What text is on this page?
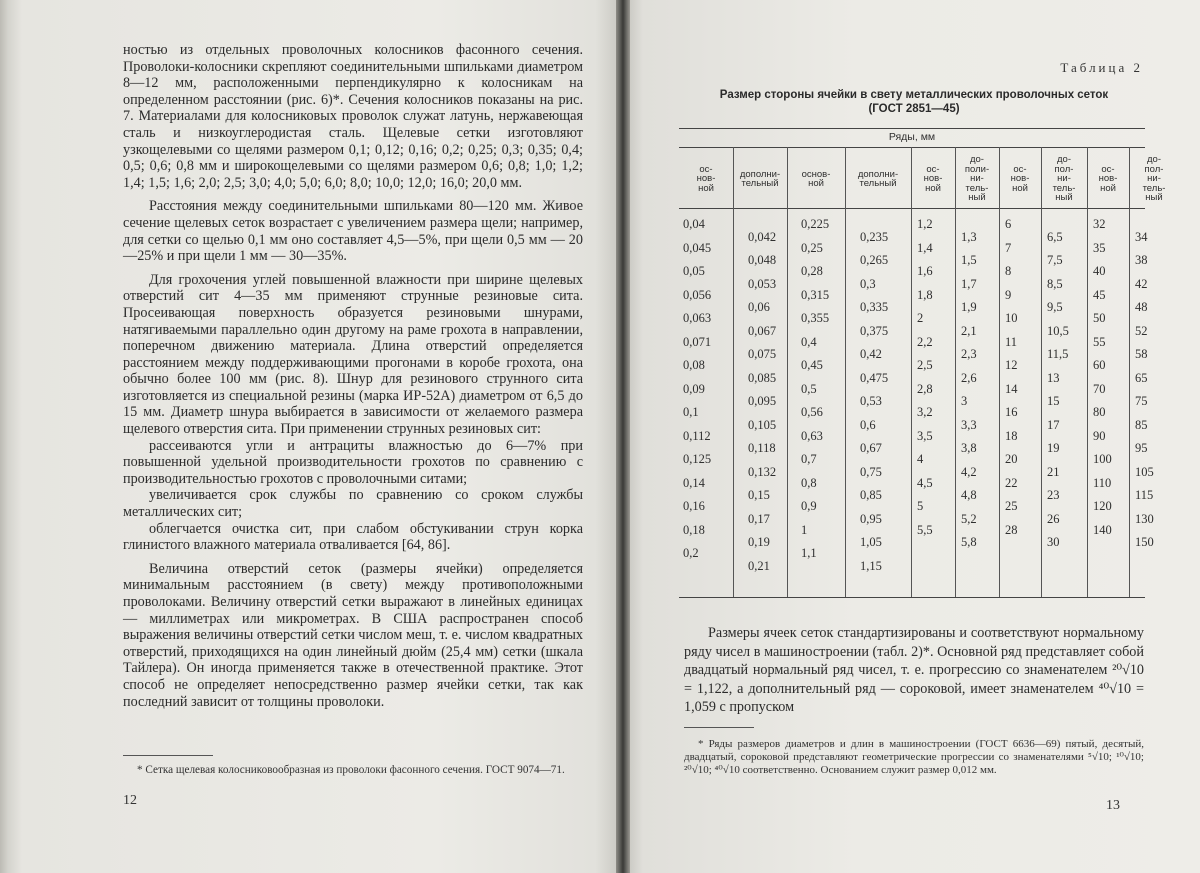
ностью из отдельных проволочных колосников фасонного сечения. Проволоки-колосники скрепляют соединительными шпильками диаметром 8—12 мм, расположенными перпендикулярно к колосникам на определенном расстоянии (рис. 6)*. Сечения колосников показаны на рис. 7. Материалами для колосниковых проволок служат латунь, нержавеющая сталь и низкоуглеродистая сталь. Щелевые сетки изготовляют узкощелевыми со щелями размером 0,1; 0,12; 0,16; 0,2; 0,25; 0,3; 0,35; 0,4; 0,5; 0,6; 0,8 мм и широкощелевыми со щелями размером 0,6; 0,8; 1,0; 1,2; 1,4; 1,5; 1,6; 2,0; 2,5; 3,0; 4,0; 5,0; 6,0; 8,0; 10,0; 12,0; 16,0; 20,0 мм.

Расстояния между соединительными шпильками 80—120 мм. Живое сечение щелевых сеток возрастает с увеличением размера щели; например, для сетки со щелью 0,1 мм оно составляет 4,5—5%, при щели 0,5 мм — 20—25% и при щели 1 мм — 30—35%.

Для грохочения углей повышенной влажности при ширине щелевых отверстий сит 4—35 мм применяют струнные резиновые сита. Просеивающая поверхность образуется резиновыми шнурами, натягиваемыми параллельно один другому на раме грохота в направлении, поперечном движению материала. Длина отверстий определяется расстоянием между поддерживающими прогонами в коробе грохота, она обычно более 100 мм (рис. 8). Шнур для резинового струнного сита изготовляется из специальной резины (марка ИР-52А) диаметром от 6,5 до 15 мм. Диаметр шнура выбирается в зависимости от желаемого размера щелевого отверстия сита. При применении струнных резиновых сит:

рассеиваются угли и антрациты влажностью до 6—7% при повышенной удельной производительности грохотов по сравнению с производительностью грохотов с проволочными ситами;

увеличивается срок службы по сравнению со сроком службы металлических сит;

облегчается очистка сит, при слабом обстукивании струн корка глинистого влажного материала отваливается [64, 86].

Величина отверстий сеток (размеры ячейки) определяется минимальным расстоянием (в свету) между противоположными проволоками. Величину отверстий сетки выражают в линейных единицах — миллиметрах или микрометрах. В США распространен способ выражения величины отверстий сетки числом меш, т. е. числом квадратных отверстий, приходящихся на один линейный дюйм (25,4 мм) сетки (шкала Тайлера). Он иногда применяется также в отечественной практике. Этот способ не определяет непосредственно размер ячейки сетки, так как последний зависит от толщины проволоки.

* Сетка щелевая колосниковообразная из проволоки фасонного сечения. ГОСТ 9074—71.

12
Таблица 2
Размер стороны ячейки в свету металлических проволочных сеток
(ГОСТ 2851—45)
Ряды, мм
ос-
нов-
ной
дополни-
тельный
основ-
ной
дополни-
тельный
ос-
нов-
ной
до-
поли-
ни-
тель-
ный
ос-
нов-
ной
до-
пол-
ни-
тель-
ный
ос-
нов-
ной
до-
пол-
ни-
тель-
ный
0,04
0,045
0,05
0,056
0,063
0,071
0,08
0,09
0,1
0,112
0,125
0,14
0,16
0,18
0,2
0,042
0,048
0,053
0,06
0,067
0,075
0,085
0,095
0,105
0,118
0,132
0,15
0,17
0,19
0,21
0,225
0,25
0,28
0,315
0,355
0,4
0,45
0,5
0,56
0,63
0,7
0,8
0,9
1
1,1
0,235
0,265
0,3
0,335
0,375
0,42
0,475
0,53
0,6
0,67
0,75
0,85
0,95
1,05
1,15
1,2
1,4
1,6
1,8
2
2,2
2,5
2,8
3,2
3,5
4
4,5
5
5,5
1,3
1,5
1,7
1,9
2,1
2,3
2,6
3
3,3
3,8
4,2
4,8
5,2
5,8
6
7
8
9
10
11
12
14
16
18
20
22
25
28
6,5
7,5
8,5
9,5
10,5
11,5
13
15
17
19
21
23
26
30
32
35
40
45
50
55
60
70
80
90
100
110
120
140
34
38
42
48
52
58
65
75
85
95
105
115
130
150

Размеры ячеек сеток стандартизированы и соответствуют нормальному ряду чисел в машиностроении (табл. 2)*. Основной ряд представляет собой двадцатый нормальный ряд чисел, т. е. прогрессию со знаменателем ²⁰√10 = 1,122, а дополнительный ряд — сороковой, имеет знаменателем ⁴⁰√10 = 1,059 с пропуском

* Ряды размеров диаметров и длин в машиностроении (ГОСТ 6636—69) пятый, десятый, двадцатый, сороковой представляют геометрические прогрессии со знаменателями ⁵√10; ¹⁰√10; ²⁰√10; ⁴⁰√10 соответственно. Основанием служит размер 0,012 мм.

13
